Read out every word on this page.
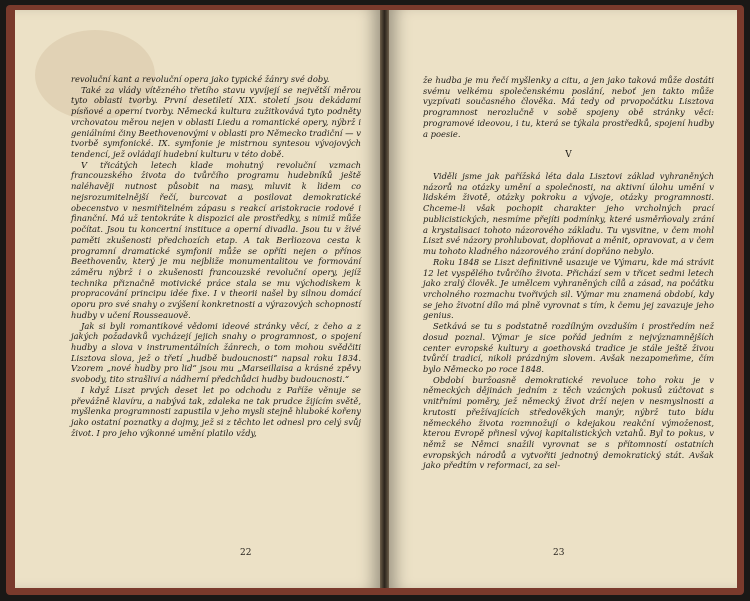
revoluční kant a revoluční opera jako typické žánry své doby.

Také za vlády vítězného třetího stavu vyvíjejí se největší měrou tyto oblasti tvorby. První desetiletí XIX. století jsou dekádami písňové a operní tvorby. Německá kultura zužitkovává tyto podněty vrchovatou měrou nejen v oblasti Liedu a romantické opery, nýbrž i geniálními činy Beethovenovými v oblasti pro Německo tradiční — v tvorbě symfonické. IX. symfonie je mistrnou syntesou vývojových tendencí, jež ovládají hudební kulturu v této době.

V třicátých letech klade mohutný revoluční vzmach francouzského života do tvůrčího programu hudebníků ještě naléhavěji nutnost působit na masy, mluvit k lidem co nejsrozumitelnější řečí, burcovat a posilovat demokratické obecenstvo v nesmiřitelném zápasu s reakcí aristokracie rodové i finanční. Má už tentokráte k dispozici ale prostředky, s nimiž může počítat. Jsou tu koncertní instituce a operní divadla. Jsou tu v živé paměti zkušenosti předchozích etap. A tak Berliozova cesta k programní dramatické symfonii může se opříti nejen o přínos Beethovenův, který je mu nejbliže monumentalitou ve formování záměru nýbrž i o zkušenosti francouzské revoluční opery, jejíž technika přiznačně motivické práce stala se mu východiskem k propracování principu idée fixe. I v theorii našel by silnou domácí oporu pro své snahy o zvýšení konkretnosti a výrazových schopností hudby v učení Rousseauově.

Jak si byli romantikové vědomi ideové stránky věcí, z čeho a z jakých požadavků vycházejí jejich snahy o programnost, o spojení hudby a slova v instrumentálních žánrech, o tom mohou svědčiti Lisztova slova, jež o třetí „hudbě budoucnosti“ napsal roku 1834. Vzorem „nové hudby pro lid“ jsou mu „Marseillaisa a krásné zpěvy svobody, tito strašliví a nádherní předchůdci hudby budoucnosti.“

I když Liszt prvých deset let po odchodu z Paříže věnuje se převážně klavíru, a nabývá tak, zdaleka ne tak prudce žijícím světě, myšlenka programnosti zapustila v jeho mysli stejně hluboké kořeny jako ostatní poznatky a dojmy, jež si z těchto let odnesl pro celý svůj život. I pro jeho výkonné umění platilo vždy,

22

že hudba je mu řečí myšlenky a citu, a jen jako taková může dostáti svému velkému společenskému poslání, neboť jen takto může vyzpívati současného člověka. Má tedy od prvopočátku Lisztova programnost nerozlučně v sobě spojeny obě stránky věci: programové ideovou, i tu, která se týkala prostředků, spojení hudby a poesie.

V

Viděli jsme jak pařížská léta dala Lisztovi základ vyhraněných názorů na otázky umění a společnosti, na aktivní úlohu umění v lidském životě, otázky pokroku a vývoje, otázky programnosti. Chceme-li však pochopit charakter jeho vrcholných prací publicistických, nesmíme přejíti podmínky, které usměrňovaly zrání a krystalisaci tohoto názorového základu. Tu vysvitne, v čem mohl Liszt své názory prohlubovat, doplňovat a měnit, opravovat, a v čem mu tohoto kladného názorového zrání dopřáno nebylo.

Roku 1848 se Liszt definitivně usazuje ve Výmaru, kde má strávit 12 let vyspělého tvůrčího života. Přichází sem v třicet sedmi letech jako zralý člověk. Je umělcem vyhraněných cílů a zásad, na počátku vrcholného rozmachu tvořivých sil. Výmar mu znamená období, kdy se jeho životní dílo má plně vyrovnat s tím, k čemu jej zavazuje jeho genius.

Setkává se tu s podstatně rozdílným ovzduším i prostředím než dosud poznal. Výmar je sice pořád jedním z nejvýznamnějších center evropské kultury a goethovská tradice je stále ještě živou tvůrčí tradicí, nikoli prázdným slovem. Avšak nezapomeňme, čím bylo Německo po roce 1848.

Období buržoasně demokratické revoluce toho roku je v německých dějinách jedním z těch vzácných pokusů zúčtovat s vnitřními poměry, jež německý život drží nejen v nesmyslnosti a krutosti přežívajících středověkých manýr, nýbrž tuto bídu německého života rozmnožují o kdejakou reakční výmoženost, kterou Evropě přinesl vývoj kapitalistických vztahů. Byl to pokus, v němž se Němci snažili vyrovnat se s přítomností ostatních evropských národů a vytvořiti jednotný demokratický stát. Avšak jako předtím v reformaci, za sel-

23
